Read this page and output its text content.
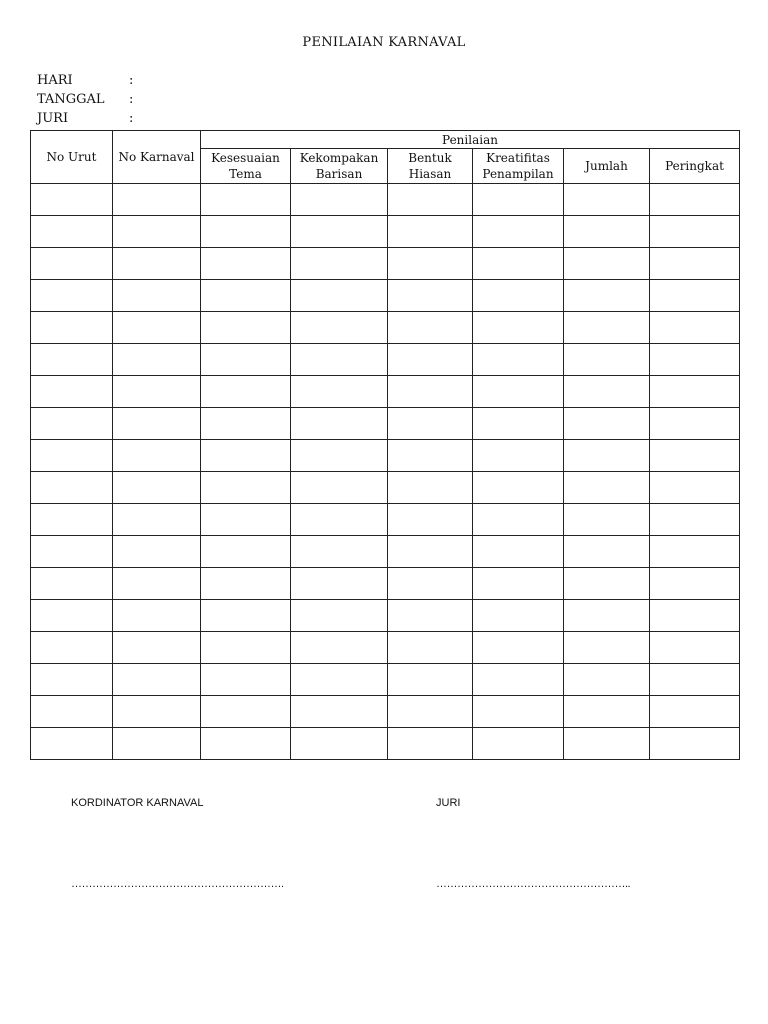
PENILAIAN KARNAVAL
HARI	:
TANGGAL :
JURI	:
No Urut	No Karnaval	Penilaian					
		Kesesuaian Tema	Kekompakan Barisan	Bentuk Hiasan	Kreatifitas Penampilan	Jumlah	Peringkat

KORDINATOR KARNAVAL	JURI
…………………………………………………….	………………………………………………..
